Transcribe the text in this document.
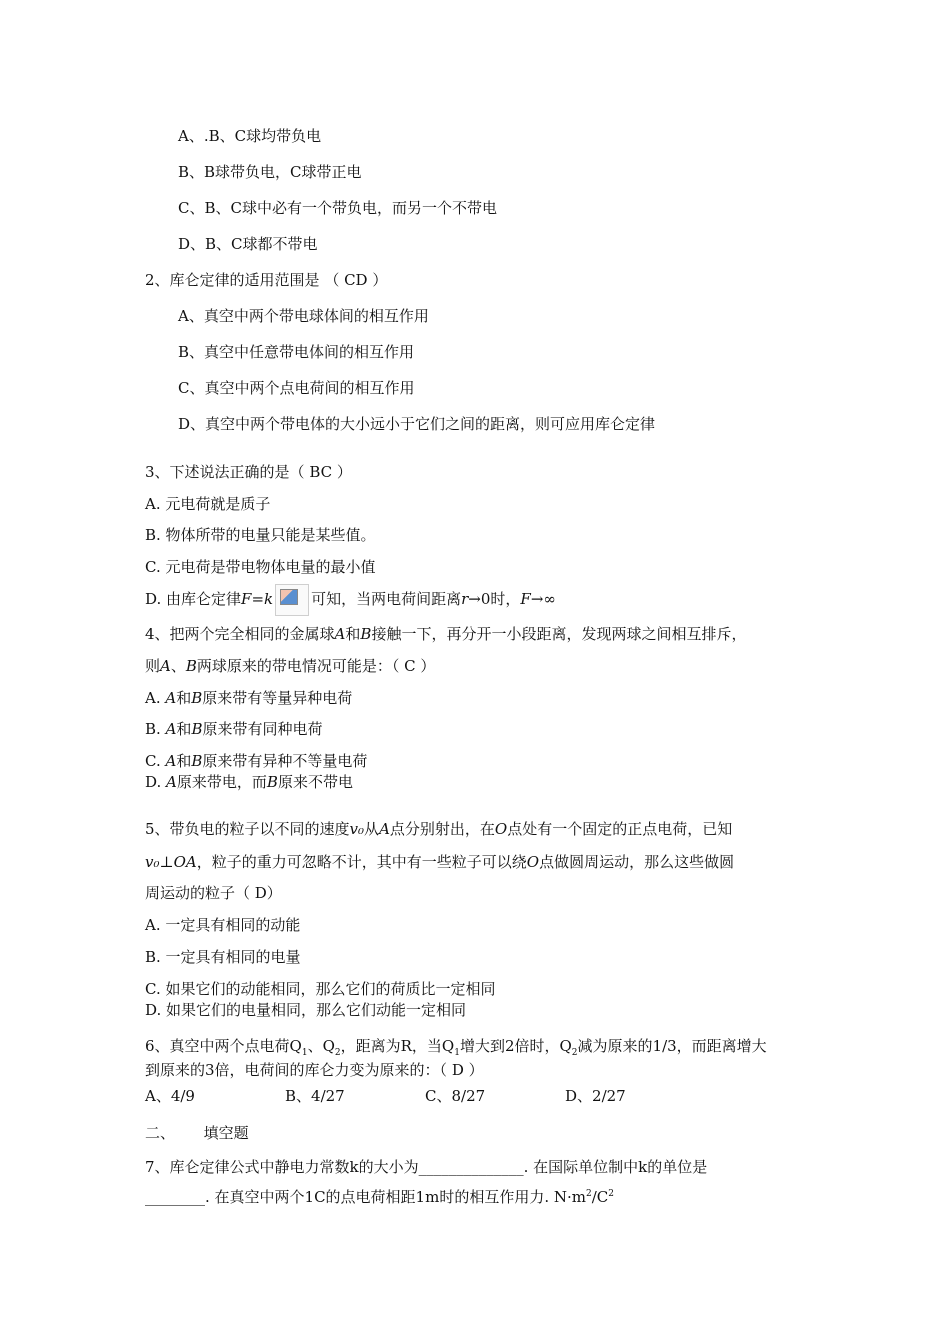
A、.B、C球均带负电
B、B球带负电，C球带正电
C、B、C球中必有一个带负电，而另一个不带电
D、B、C球都不带电
2、库仑定律的适用范围是 （ CD ）
A、真空中两个带电球体间的相互作用
B、真空中任意带电体间的相互作用
C、真空中两个点电荷间的相互作用
D、真空中两个带电体的大小远小于它们之间的距离，则可应用库仑定律
3、下述说法正确的是（ BC ）
A. 元电荷就是质子
B. 物体所带的电量只能是某些值。
C. 元电荷是带电物体电量的最小值
D. 由库仑定律F=k	可知，当两电荷间距离r→0时，F→∞
4、把两个完全相同的金属球A和B接触一下，再分开一小段距离，发现两球之间相互排斥，
则A、B两球原来的带电情况可能是：（ C ）
A. A和B原来带有等量异种电荷
B. A和B原来带有同种电荷
C. A和B原来带有异种不等量电荷
D. A原来带电，而B原来不带电
5、带负电的粒子以不同的速度v₀从A点分别射出，在O点处有一个固定的正点电荷，已知
v₀⊥OA，粒子的重力可忽略不计，其中有一些粒子可以绕O点做圆周运动，那么这些做圆
周运动的粒子（ D）
A. 一定具有相同的动能
B. 一定具有相同的电量
C. 如果它们的动能相同，那么它们的荷质比一定相同
D. 如果它们的电量相同，那么它们动能一定相同
6、真空中两个点电荷$Q_1$、$Q_2$，距离为R，当$Q_1$增大到2倍时，$Q_2$减为原来的1/3，而距离增大
到原来的3倍，电荷间的库仑力变为原来的：（ D ）
A、4/9	B、4/27	C、8/27	D、2/27
二、      填空题
7、库仑定律公式中静电力常数k的大小为______________. 在国际单位制中k的单位是
________. 在真空中两个1C的点电荷相距1m时的相互作用力. $N\cdot m^2/C^2$
